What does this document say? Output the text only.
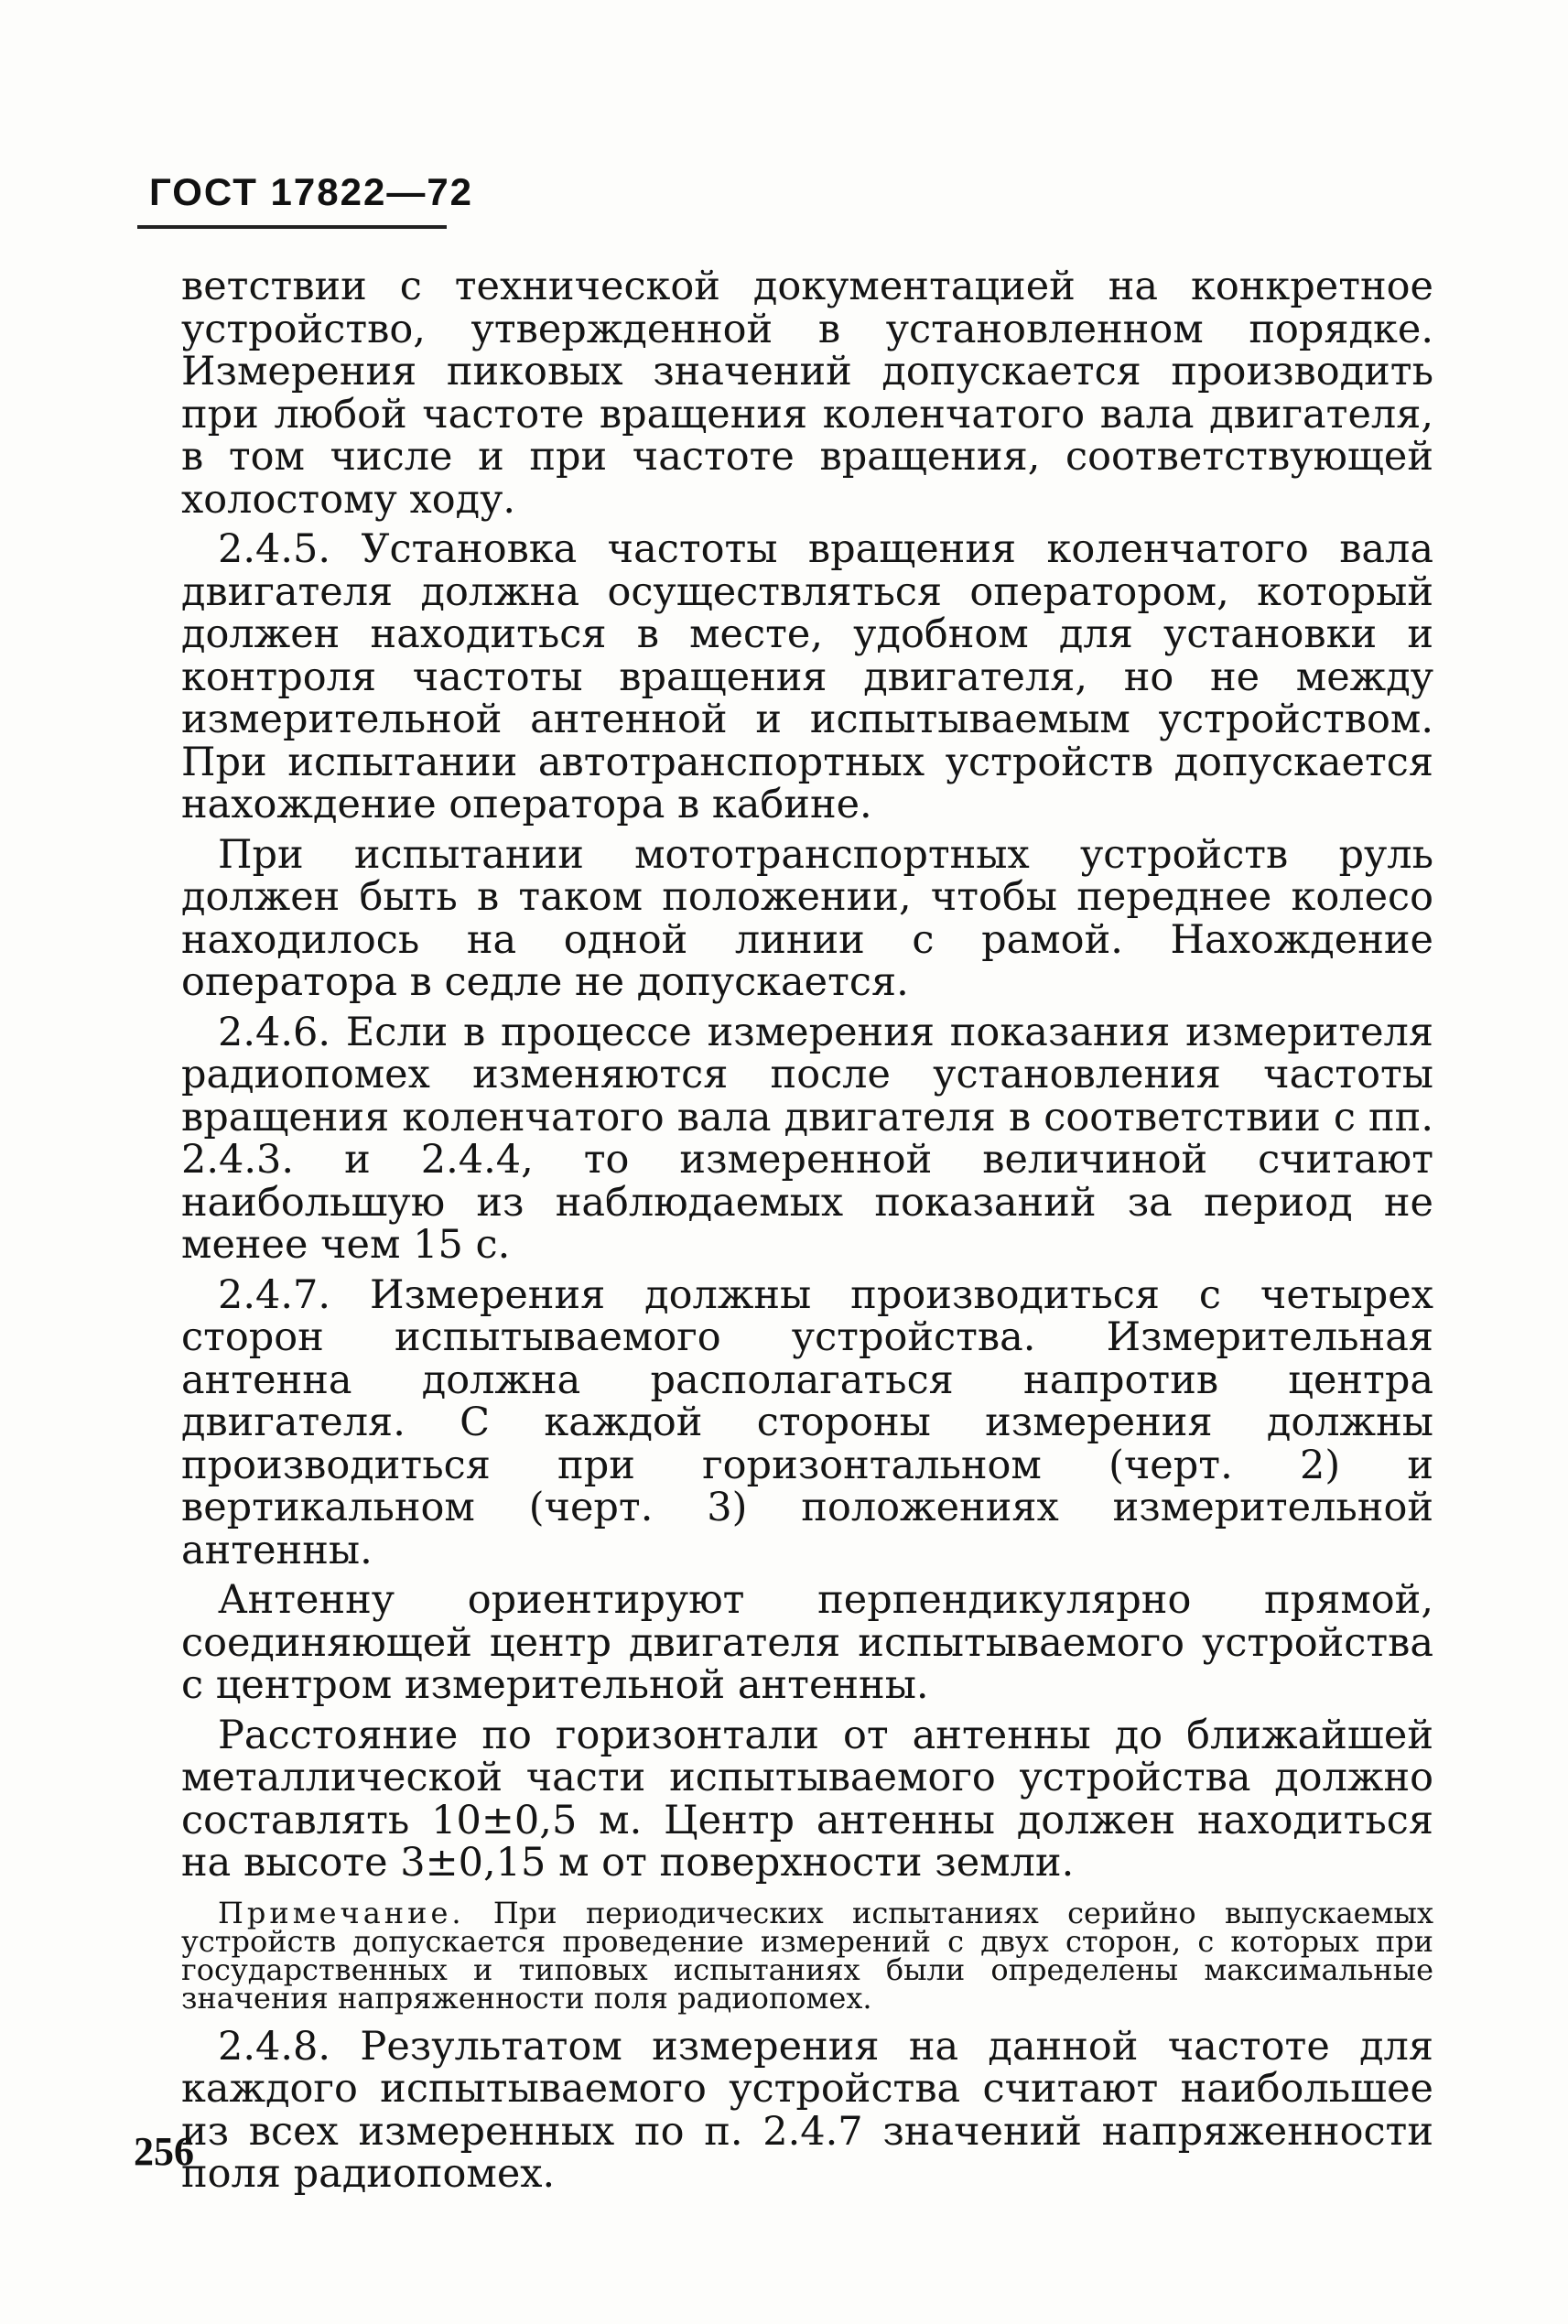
ГОСТ 17822—72

ветствии с технической документацией на конкретное устройство, утвержденной в установленном порядке. Измерения пиковых значений допускается производить при любой частоте вращения коленчатого вала двигателя, в том числе и при частоте вращения, соответствующей холостому ходу.

2.4.5. Установка частоты вращения коленчатого вала двигателя должна осуществляться оператором, который должен находиться в месте, удобном для установки и контроля частоты вращения двигателя, но не между измерительной антенной и испытываемым устройством. При испытании автотранспортных устройств допускается нахождение оператора в кабине.

При испытании мототранспортных устройств руль должен быть в таком положении, чтобы переднее колесо находилось на одной линии с рамой. Нахождение оператора в седле не допускается.

2.4.6. Если в процессе измерения показания измерителя радиопомех изменяются после установления частоты вращения коленчатого вала двигателя в соответствии с пп. 2.4.3. и 2.4.4, то измеренной величиной считают наибольшую из наблюдаемых показаний за период не менее чем 15 с.

2.4.7. Измерения должны производиться с четырех сторон испытываемого устройства. Измерительная антенна должна располагаться напротив центра двигателя. С каждой стороны измерения должны производиться при горизонтальном (черт. 2) и вертикальном (черт. 3) положениях измерительной антенны.

Антенну ориентируют перпендикулярно прямой, соединяющей центр двигателя испытываемого устройства с центром измерительной антенны.

Расстояние по горизонтали от антенны до ближайшей металлической части испытываемого устройства должно составлять 10±0,5 м. Центр антенны должен находиться на высоте 3±0,15 м от поверхности земли.

Примечание. При периодических испытаниях серийно выпускаемых устройств допускается проведение измерений с двух сторон, с которых при государственных и типовых испытаниях были определены максимальные значения напряженности поля радиопомех.

2.4.8. Результатом измерения на данной частоте для каждого испытываемого устройства считают наибольшее из всех измеренных по п. 2.4.7 значений напряженности поля радиопомех.

256
